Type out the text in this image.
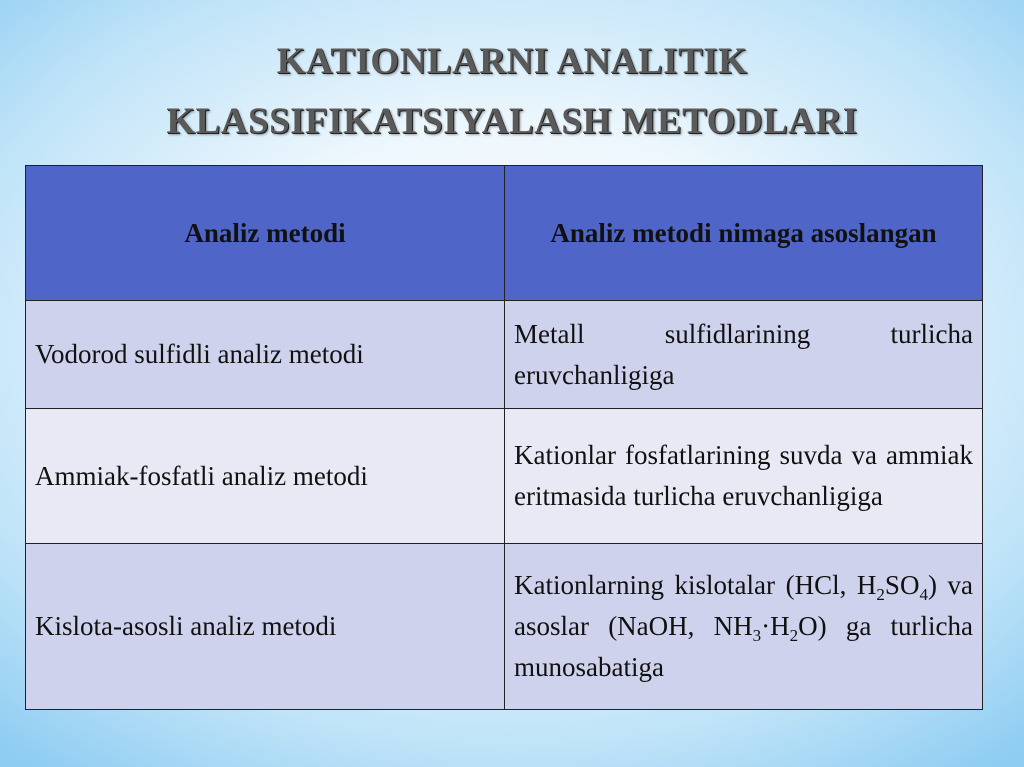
KATIONLARNI ANALITIK
KLASSIFIKATSIYALASH METODLARI
Analiz metodi	Analiz metodi nimaga asoslangan
Vodorod sulfidli analiz metodi	Metall sulfidlarining turlicha eruvchanligiga
Ammiak-fosfatli analiz metodi	Kationlar fosfatlarining suvda va ammiak eritmasida turlicha eruvchanligiga
Kislota-asosli analiz metodi	Kationlarning kislotalar (HCl, $H_2SO_4$) va asoslar (NaOH, $NH_3\cdot H_2O$) ga turlicha munosabatiga
